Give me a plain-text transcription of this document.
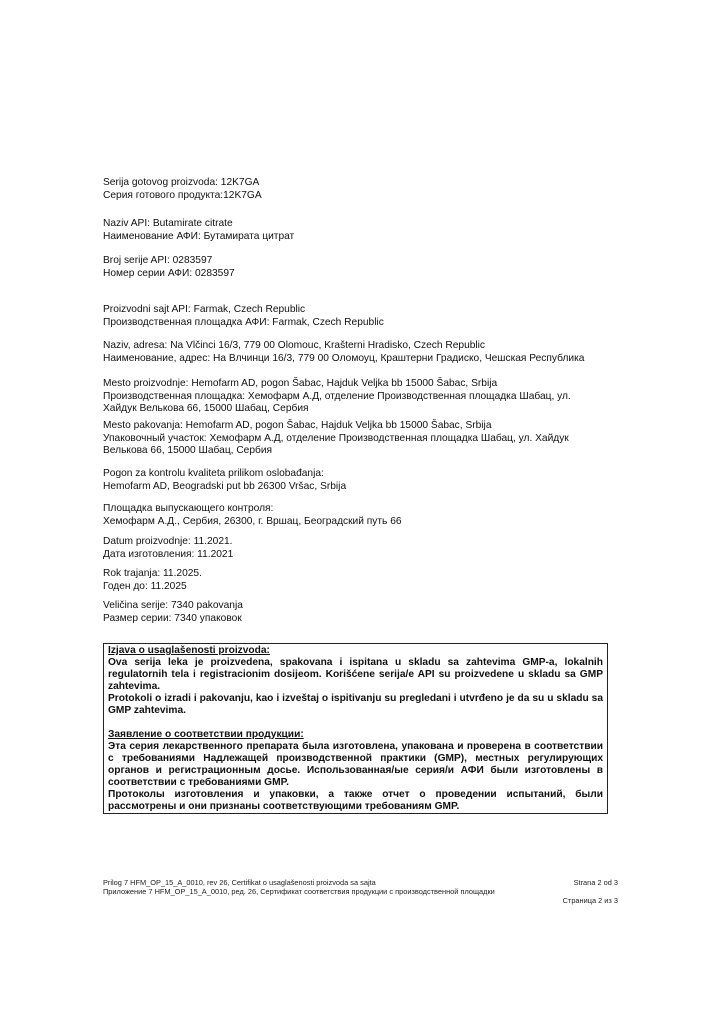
Serija gotovog proizvoda: 12K7GA
Серия готового продукта:12K7GA
Naziv API: Butamirate citrate
Наименование АФИ: Бутамирата цитрат
Broj serije API: 0283597
Номер серии АФИ: 0283597
Proizvodni sajt API: Farmak, Czech Republic
Производственная площадка АФИ: Farmak, Czech Republic
Naziv, adresa: Na Vlčinci 16/3, 779 00 Olomouc, Krašterni Hradisko, Czech Republic
Наименование, адрес: На Влчинци 16/3, 779 00 Оломоуц, Краштерни Градиско, Чешская Республика
Mesto proizvodnje: Hemofarm AD, pogon Šabac, Hajduk Veljka bb 15000 Šabac, Srbija
Производственная площадка: Хемофарм А.Д, отделение Производственная площадка Шабац, ул.
Хайдук Велькова 66, 15000 Шабац, Сербия
Mesto pakovanja: Hemofarm AD, pogon Šabac, Hajduk Veljka bb 15000 Šabac, Srbija
Упаковочный участок: Хемофарм А.Д, отделение Производственная площадка Шабац, ул. Хайдук
Велькова 66, 15000 Шабац, Сербия
Pogon za kontrolu kvaliteta prilikom oslobađanja:
Hemofarm AD, Beogradski put bb 26300 Vršac, Srbija
Площадка выпускающего контроля:
Хемофарм А.Д., Сербия, 26300, г. Вршац, Београдский путь 66
Datum proizvodnje: 11.2021.
Дата изготовления: 11.2021
Rok trajanja: 11.2025.
Годен до: 11.2025
Veličina serije: 7340 pakovanja
Размер серии: 7340 упаковок
Izjava o usaglašenosti proizvoda:

Ova serija leka je proizvedena, spakovana i ispitana u skladu sa zahtevima GMP-a, lokalnih regulatornih tela i registracionim dosijeom. Korišćene serija/e API su proizvedene u skladu sa GMP zahtevima.

Protokoli o izradi i pakovanju, kao i izveštaj o ispitivanju su pregledani i utvrđeno je da su u skladu sa GMP zahtevima.

Заявление о соответствии продукции:

Эта серия лекарственного препарата была изготовлена, упакована и проверена в соответствии с требованиями Надлежащей производственной практики (GMP), местных регулирующих органов и регистрационным досье. Использованная/ые серия/и АФИ были изготовлены в соответствии с требованиями GMP.

Протоколы изготовления и упаковки, а также отчет о проведении испытаний, были рассмотрены и они признаны соответствующими требованиям GMP.

Prilog 7 HFM_OP_15_A_0010, rev 26, Certifikat o usaglašenosti proizvoda sa sajta	Strana 2 od 3
Приложение 7 HFM_OP_15_A_0010, ред. 26, Сертификат соответствия продукции с производственной площадки
Страница 2 из 3
